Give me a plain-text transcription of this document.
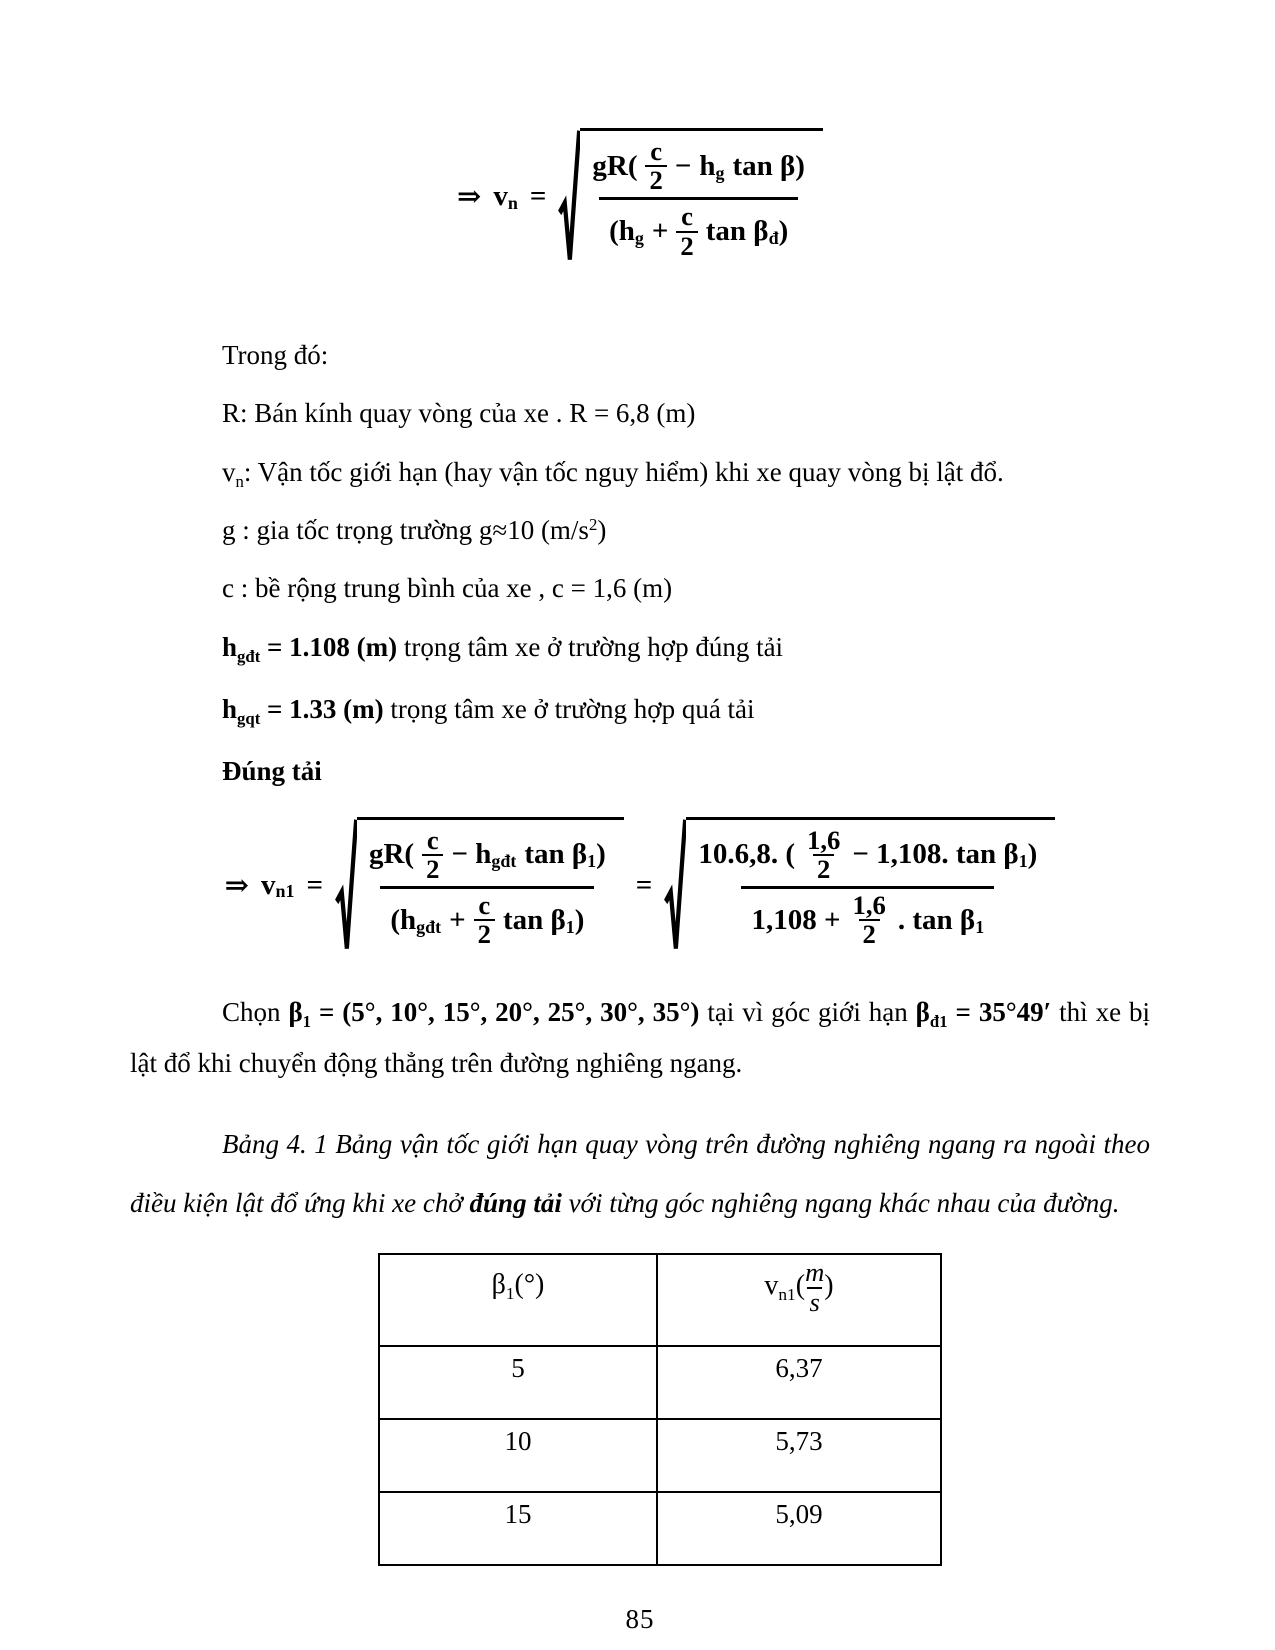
⇒ $v_n = \frac{gR( \frac{c}{2} - h_g \tan \beta)}{(h_g + \frac{c}{2} \tan \beta_đ )}$

Trong đó:

R: Bán kính quay vòng của xe . R = 6,8 (m)

$v_n$: Vận tốc giới hạn (hay vận tốc nguy hiểm) khi xe quay vòng bị lật đổ.

g : gia tốc trọng trường g≈10 $(m/s^2)$

c : bề rộng trung bình của xe , c = 1,6 (m)

$h_{gđt} = 1.108$ (m) trọng tâm xe ở trường hợp đúng tải

$h_{gqt} = 1.33$ (m) trọng tâm xe ở trường hợp quá tải

Đúng tải

⇒ $v_{n1} = \frac{gR( \frac{c}{2} - h_{gđt} \tan \beta_1 )}{(h_{gđt} + \frac{c}{2} \tan \beta_1 )} = \frac{10.6,8. ( \frac{1,6}{2} - 1,108. \tan \beta_1 )}{1,108 + \frac{1,6}{2} . \tan \beta_1}$

Chọn $\beta_1 = (5^\circ$, 10°, 15°, 20°, 25°, 30°, 35°) tại vì góc giới hạn $\beta_{đ1} = 35^\circ 49'$ thì xe bị lật đổ khi chuyển động thẳng trên đường nghiêng ngang.

Bảng 4. 1 Bảng vận tốc giới hạn quay vòng trên đường nghiêng ngang ra ngoài theo điều kiện lật đổ ứng khi xe chở đúng tải với từng góc nghiêng ngang khác nhau của đường.

$\beta_1(^\circ)$	$v_{n1}( \frac{m}{s}$ )
5	6,37
10	5,73
15	5,09
85
